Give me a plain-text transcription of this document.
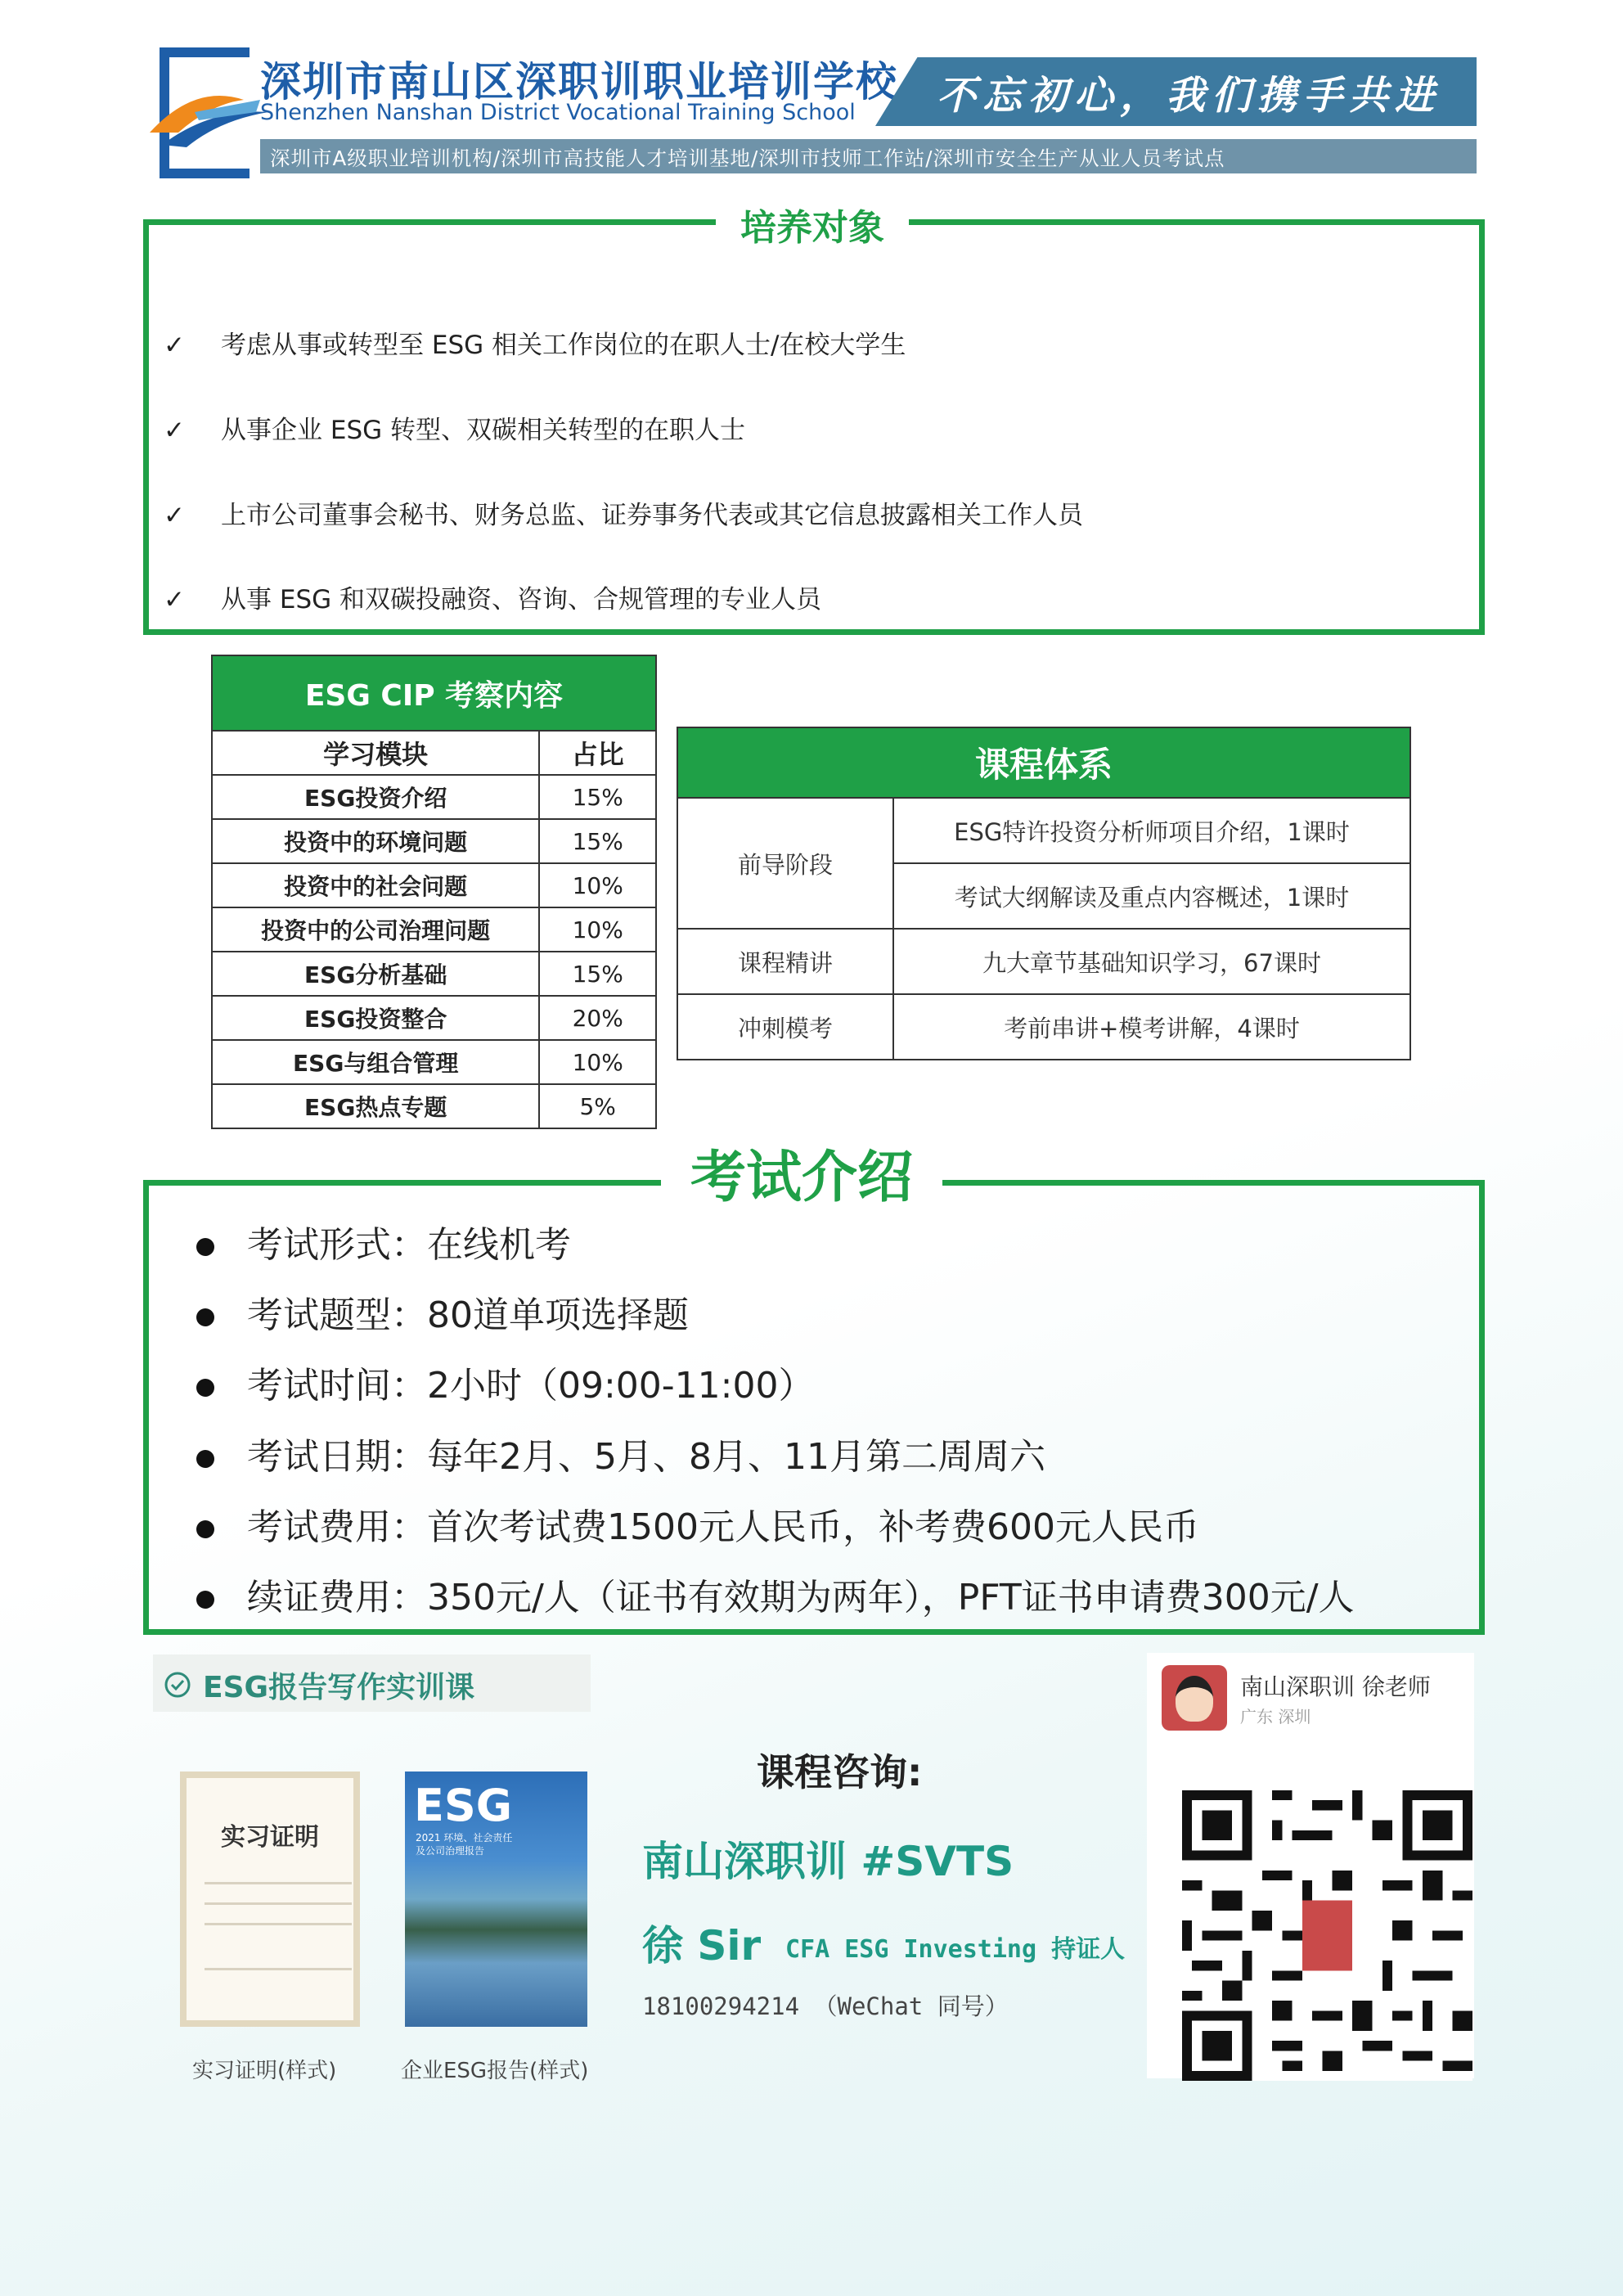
深圳市南山区深职训职业培训学校
Shenzhen Nanshan District Vocational Training School 不忘初心，我们携手共进
深圳市A级职业培训机构/深圳市高技能人才培训基地/深圳市技师工作站/深圳市安全生产从业人员考试点
培养对象
✓ 考虑从事或转型至 ESG 相关工作岗位的在职人士/在校大学生
✓ 从事企业 ESG 转型、双碳相关转型的在职人士
✓ 上市公司董事会秘书、财务总监、证券事务代表或其它信息披露相关工作人员
✓ 从事 ESG 和双碳投融资、咨询、合规管理的专业人员
ESG CIP 考察内容	
学习模块	占比
ESG投资介绍	15%
投资中的环境问题	15%
投资中的社会问题	10%
投资中的公司治理问题	10%
ESG分析基础	15%
ESG投资整合	20%
ESG与组合管理	10%
ESG热点专题	5%
课程体系	
前导阶段	ESG特许投资分析师项目介绍，1课时
	考试大纲解读及重点内容概述，1课时
课程精讲	九大章节基础知识学习，67课时
冲刺模考	考前串讲+模考讲解，4课时
考试介绍
考试形式：在线机考
考试题型：80道单项选择题
考试时间：2小时（09:00-11:00）
考试日期：每年2月、5月、8月、11月第二周周六
考试费用：首次考试费1500元人民币，补考费600元人民币
续证费用：350元/人（证书有效期为两年），PFT证书申请费300元/人
ESG报告写作实训课
实习证明
ESG
2021 环境、社会责任及公司治理报告
实习证明(样式)	企业ESG报告(样式)
课程咨询:
南山深职训 #SVTS
徐 Sir CFA ESG Investing 持证人
18100294214 （WeChat 同号）
南山深职训 徐老师
广东 深圳
